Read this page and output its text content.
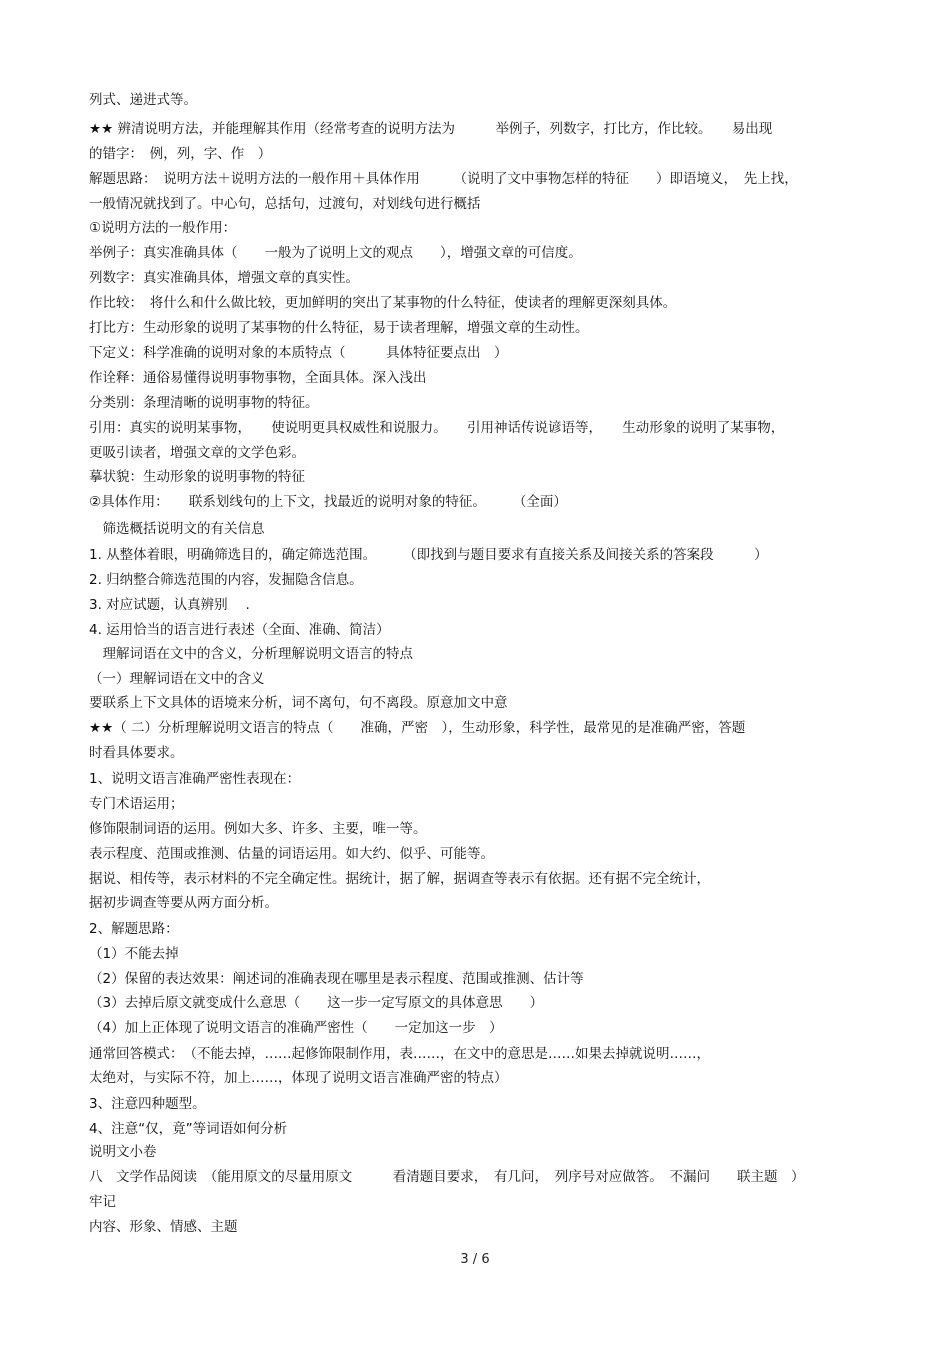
列式、递进式等。

★★ 辨清说明方法，并能理解其作用（经常考查的说明方法为　　　举例子，列数字，打比方，作比较。　　易出现

的错字：　例，列，字、作　）

解题思路：　说明方法＋说明方法的一般作用＋具体作用　　　（说明了文中事物怎样的特征　　）即语境义，　先上找，

一般情况就找到了。中心句，总括句，过渡句，对划线句进行概括

①说明方法的一般作用：

举例子：真实准确具体（　　一般为了说明上文的观点　　），增强文章的可信度。

列数字：真实准确具体，增强文章的真实性。

作比较：　将什么和什么做比较，更加鲜明的突出了某事物的什么特征，使读者的理解更深刻具体。

打比方：生动形象的说明了某事物的什么特征，易于读者理解，增强文章的生动性。

下定义：科学准确的说明对象的本质特点（　　　具体特征要点出　）

作诠释：通俗易懂得说明事物事物，全面具体。深入浅出

分类别：条理清晰的说明事物的特征。

引用：真实的说明某事物，　　使说明更具权威性和说服力。　　引用神话传说谚语等，　　生动形象的说明了某事物，

更吸引读者，增强文章的文学色彩。

摹状貌：生动形象的说明事物的特征

②具体作用：　　联系划线句的上下文，找最近的说明对象的特征。　　　（全面）

　筛选概括说明文的有关信息

1. 从整体着眼，明确筛选目的，确定筛选范围。　　　（即找到与题目要求有直接关系及间接关系的答案段　　　）

2. 归纳整合筛选范围的内容，发掘隐含信息。

3. 对应试题，认真辨别　 .

4. 运用恰当的语言进行表述（全面、准确、简洁）

　理解词语在文中的含义，分析理解说明文语言的特点

（一）理解词语在文中的含义

要联系上下文具体的语境来分析，词不离句，句不离段。原意加文中意

★★（ 二）分析理解说明文语言的特点（　　准确，严密　），生动形象，科学性，最常见的是准确严密，答题

时看具体要求。

1、说明文语言准确严密性表现在：

专门术语运用；

修饰限制词语的运用。例如大多、许多、主要，唯一等。

表示程度、范围或推测、估量的词语运用。如大约、似乎、可能等。

据说、相传等，表示材料的不完全确定性。据统计，据了解，据调查等表示有依据。还有据不完全统计，

据初步调查等要从两方面分析。

2、解题思路：

（1）不能去掉

（2）保留的表达效果：阐述词的准确表现在哪里是表示程度、范围或推测、估计等

（3）去掉后原文就变成什么意思（　　这一步一定写原文的具体意思　　）

（4）加上正体现了说明文语言的准确严密性（　　一定加这一步　）

通常回答模式：　（不能去掉，……起修饰限制作用，表……，在文中的意思是……如果去掉就说明……，

太绝对，与实际不符，加上……，体现了说明文语言准确严密的特点）

3、注意四种题型。

4、注意“仅，竟”等词语如何分析

说明文小卷

八　文学作品阅读　（能用原文的尽量用原文　　　看清题目要求，　有几问，　列序号对应做答。　不漏问　　联主题　）

牢记

内容、形象、情感、主题

3 / 6
